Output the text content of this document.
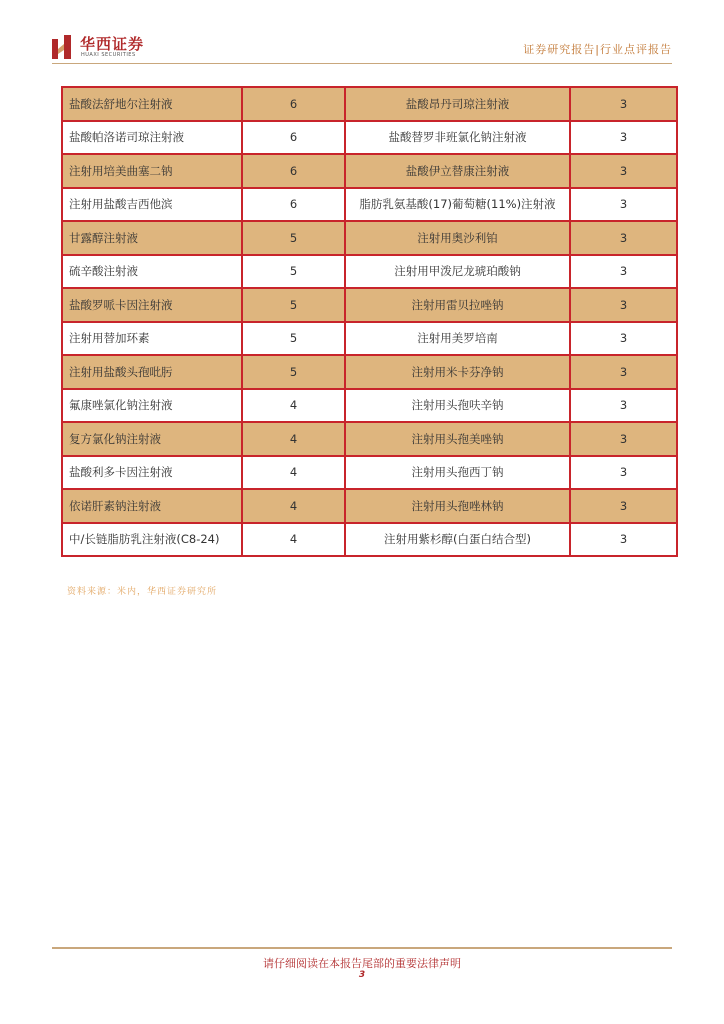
华西证券
HUAXI SECURITIES	证券研究报告|行业点评报告
盐酸法舒地尔注射液	6	盐酸昂丹司琼注射液	3
盐酸帕洛诺司琼注射液	6	盐酸替罗非班氯化钠注射液	3
注射用培美曲塞二钠	6	盐酸伊立替康注射液	3
注射用盐酸吉西他滨	6	脂肪乳氨基酸(17)葡萄糖(11%)注射液	3
甘露醇注射液	5	注射用奥沙利铂	3
硫辛酸注射液	5	注射用甲泼尼龙琥珀酸钠	3
盐酸罗哌卡因注射液	5	注射用雷贝拉唑钠	3
注射用替加环素	5	注射用美罗培南	3
注射用盐酸头孢吡肟	5	注射用米卡芬净钠	3
氟康唑氯化钠注射液	4	注射用头孢呋辛钠	3
复方氯化钠注射液	4	注射用头孢美唑钠	3
盐酸利多卡因注射液	4	注射用头孢西丁钠	3
依诺肝素钠注射液	4	注射用头孢唑林钠	3
中/长链脂肪乳注射液(C8-24)	4	注射用紫杉醇(白蛋白结合型)	3
资料来源：米内，华西证券研究所
请仔细阅读在本报告尾部的重要法律声明
3
